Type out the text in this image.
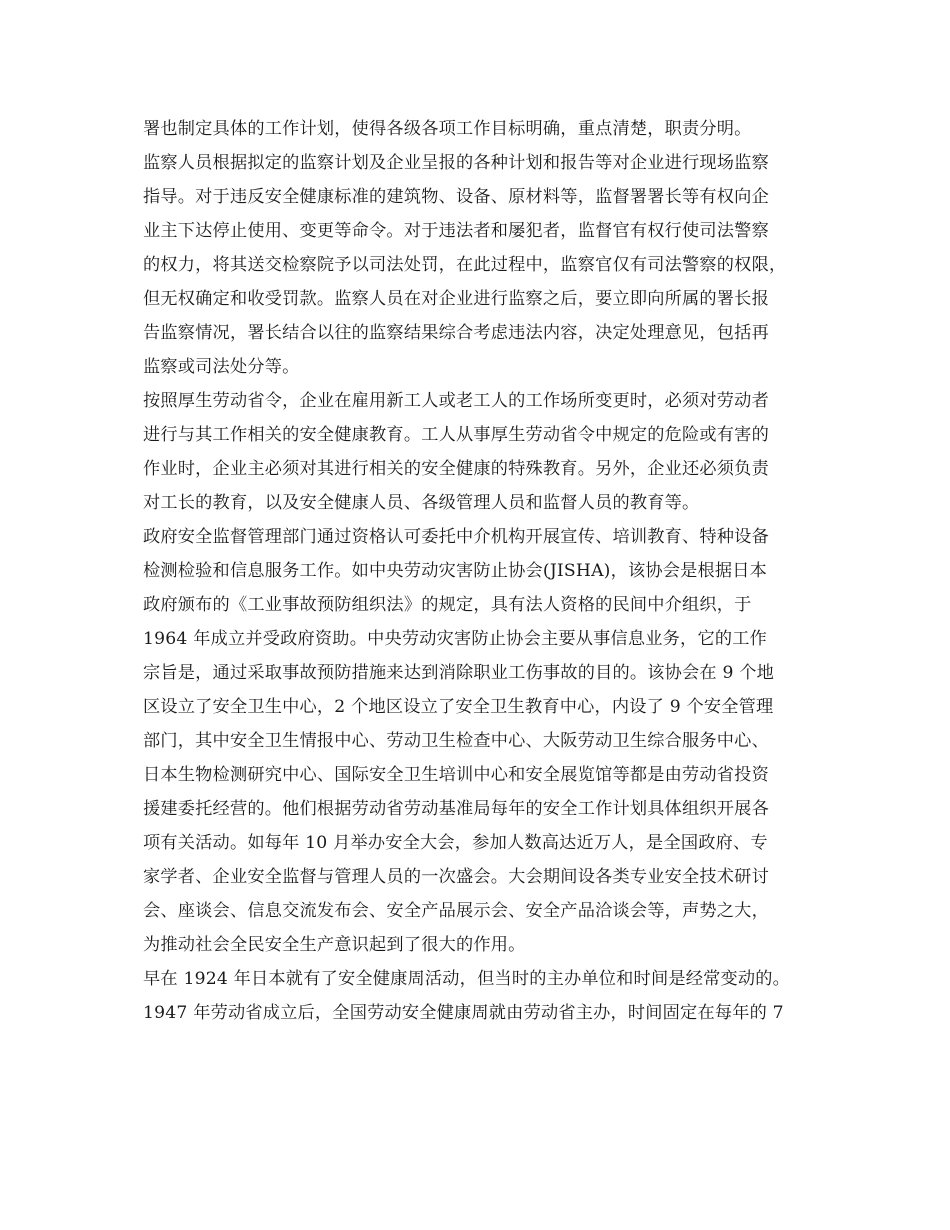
署也制定具体的工作计划，使得各级各项工作目标明确，重点清楚，职责分明。
监察人员根据拟定的监察计划及企业呈报的各种计划和报告等对企业进行现场监察
指导。对于违反安全健康标准的建筑物、设备、原材料等，监督署署长等有权向企
业主下达停止使用、变更等命令。对于违法者和屡犯者，监督官有权行使司法警察
的权力，将其送交检察院予以司法处罚，在此过程中，监察官仅有司法警察的权限，
但无权确定和收受罚款。监察人员在对企业进行监察之后，要立即向所属的署长报
告监察情况，署长结合以往的监察结果综合考虑违法内容，决定处理意见，包括再
监察或司法处分等。
按照厚生劳动省令，企业在雇用新工人或老工人的工作场所变更时，必须对劳动者
进行与其工作相关的安全健康教育。工人从事厚生劳动省令中规定的危险或有害的
作业时，企业主必须对其进行相关的安全健康的特殊教育。另外，企业还必须负责
对工长的教育，以及安全健康人员、各级管理人员和监督人员的教育等。
政府安全监督管理部门通过资格认可委托中介机构开展宣传、培训教育、特种设备
检测检验和信息服务工作。如中央劳动灾害防止协会(JISHA)，该协会是根据日本
政府颁布的《工业事故预防组织法》的规定，具有法人资格的民间中介组织，于
1964 年成立并受政府资助。中央劳动灾害防止协会主要从事信息业务，它的工作
宗旨是，通过采取事故预防措施来达到消除职业工伤事故的目的。该协会在 9 个地
区设立了安全卫生中心，2 个地区设立了安全卫生教育中心，内设了 9 个安全管理
部门，其中安全卫生情报中心、劳动卫生检查中心、大阪劳动卫生综合服务中心、
日本生物检测研究中心、国际安全卫生培训中心和安全展览馆等都是由劳动省投资
援建委托经营的。他们根据劳动省劳动基准局每年的安全工作计划具体组织开展各
项有关活动。如每年 10 月举办安全大会，参加人数高达近万人，是全国政府、专
家学者、企业安全监督与管理人员的一次盛会。大会期间设各类专业安全技术研讨
会、座谈会、信息交流发布会、安全产品展示会、安全产品洽谈会等，声势之大，
为推动社会全民安全生产意识起到了很大的作用。
早在 1924 年日本就有了安全健康周活动，但当时的主办单位和时间是经常变动的。
1947 年劳动省成立后，全国劳动安全健康周就由劳动省主办，时间固定在每年的 7
